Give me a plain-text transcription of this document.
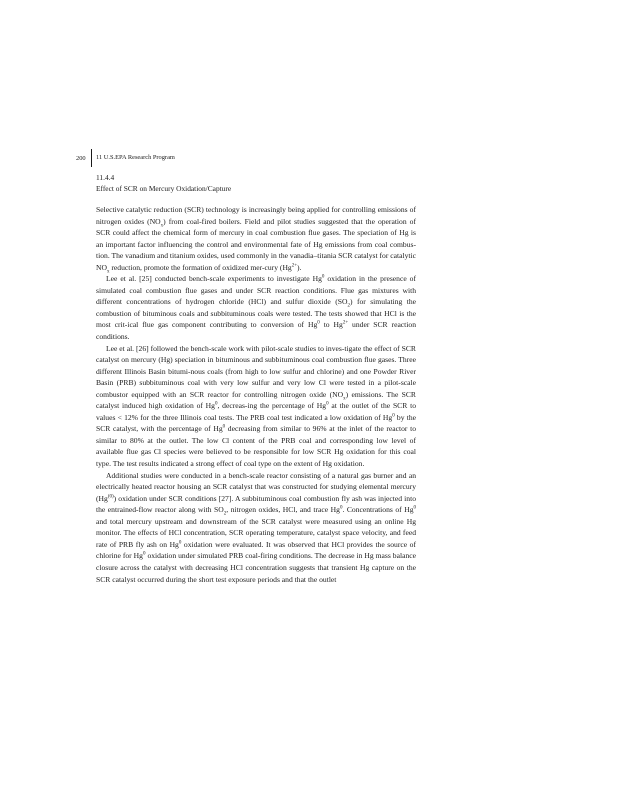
200	11 U.S.EPA Research Program
11.4.4
Effect of SCR on Mercury Oxidation/Capture

Selective catalytic reduction (SCR) technology is increasingly being applied for controlling emissions of nitrogen oxides $(NO_x)$ from coal-fired boilers. Field and pilot studies suggested that the operation of SCR could affect the chemical form of mercury in coal combustion flue gases. The speciation of Hg is an important factor influencing the control and environmental fate of Hg emissions from coal combus-tion. The vanadium and titanium oxides, used commonly in the vanadia–titania SCR catalyst for catalytic $NO_x$ reduction, promote the formation of oxidized mer-cury $(Hg^{2+})$.

Lee et al. [25] conducted bench-scale experiments to investigate Hg$^0$ oxidation in the presence of simulated coal combustion flue gases and under SCR reaction conditions. Flue gas mixtures with different concentrations of hydrogen chloride (HCl) and sulfur dioxide $(SO_2)$ for simulating the combustion of bituminous coals and subbituminous coals were tested. The tests showed that HCl is the most crit-ical flue gas component contributing to conversion of Hg$^0$ to $Hg^{2+}$ under SCR reaction conditions.

Lee et al. [26] followed the bench-scale work with pilot-scale studies to inves-tigate the effect of SCR catalyst on mercury (Hg) speciation in bituminous and subbituminous coal combustion flue gases. Three different Illinois Basin bitumi-nous coals (from high to low sulfur and chlorine) and one Powder River Basin (PRB) subbituminous coal with very low sulfur and very low Cl were tested in a pilot-scale combustor equipped with an SCR reactor for controlling nitrogen oxide $(NO_x)$ emissions. The SCR catalyst induced high oxidation of Hg$^0$, decreas-ing the percentage of Hg$^0$ at the outlet of the SCR to values < 12% for the three Illinois coal tests. The PRB coal test indicated a low oxidation of Hg$^0$ by the SCR catalyst, with the percentage of Hg$^0$ decreasing from similar to 96% at the inlet of the reactor to similar to 80% at the outlet. The low Cl content of the PRB coal and corresponding low level of available flue gas Cl species were believed to be responsible for low SCR Hg oxidation for this coal type. The test results indicated a strong effect of coal type on the extent of Hg oxidation.

Additional studies were conducted in a bench-scale reactor consisting of a natural gas burner and an electrically heated reactor housing an SCR catalyst that was constructed for studying elemental mercury (Hg$^{(0)}$) oxidation under SCR conditions [27]. A subbituminous coal combustion fly ash was injected into the entrained-flow reactor along with $SO_2$, nitrogen oxides, HCl, and trace Hg$^0$. Concentrations of Hg$^0$ and total mercury upstream and downstream of the SCR catalyst were measured using an online Hg monitor. The effects of HCl concentration, SCR operating temperature, catalyst space velocity, and feed rate of PRB fly ash on Hg$^0$ oxidation were evaluated. It was observed that HCl provides the source of chlorine for Hg$^0$ oxidation under simulated PRB coal-firing conditions. The decrease in Hg mass balance closure across the catalyst with decreasing HCl concentration suggests that transient Hg capture on the SCR catalyst occurred during the short test exposure periods and that the outlet
